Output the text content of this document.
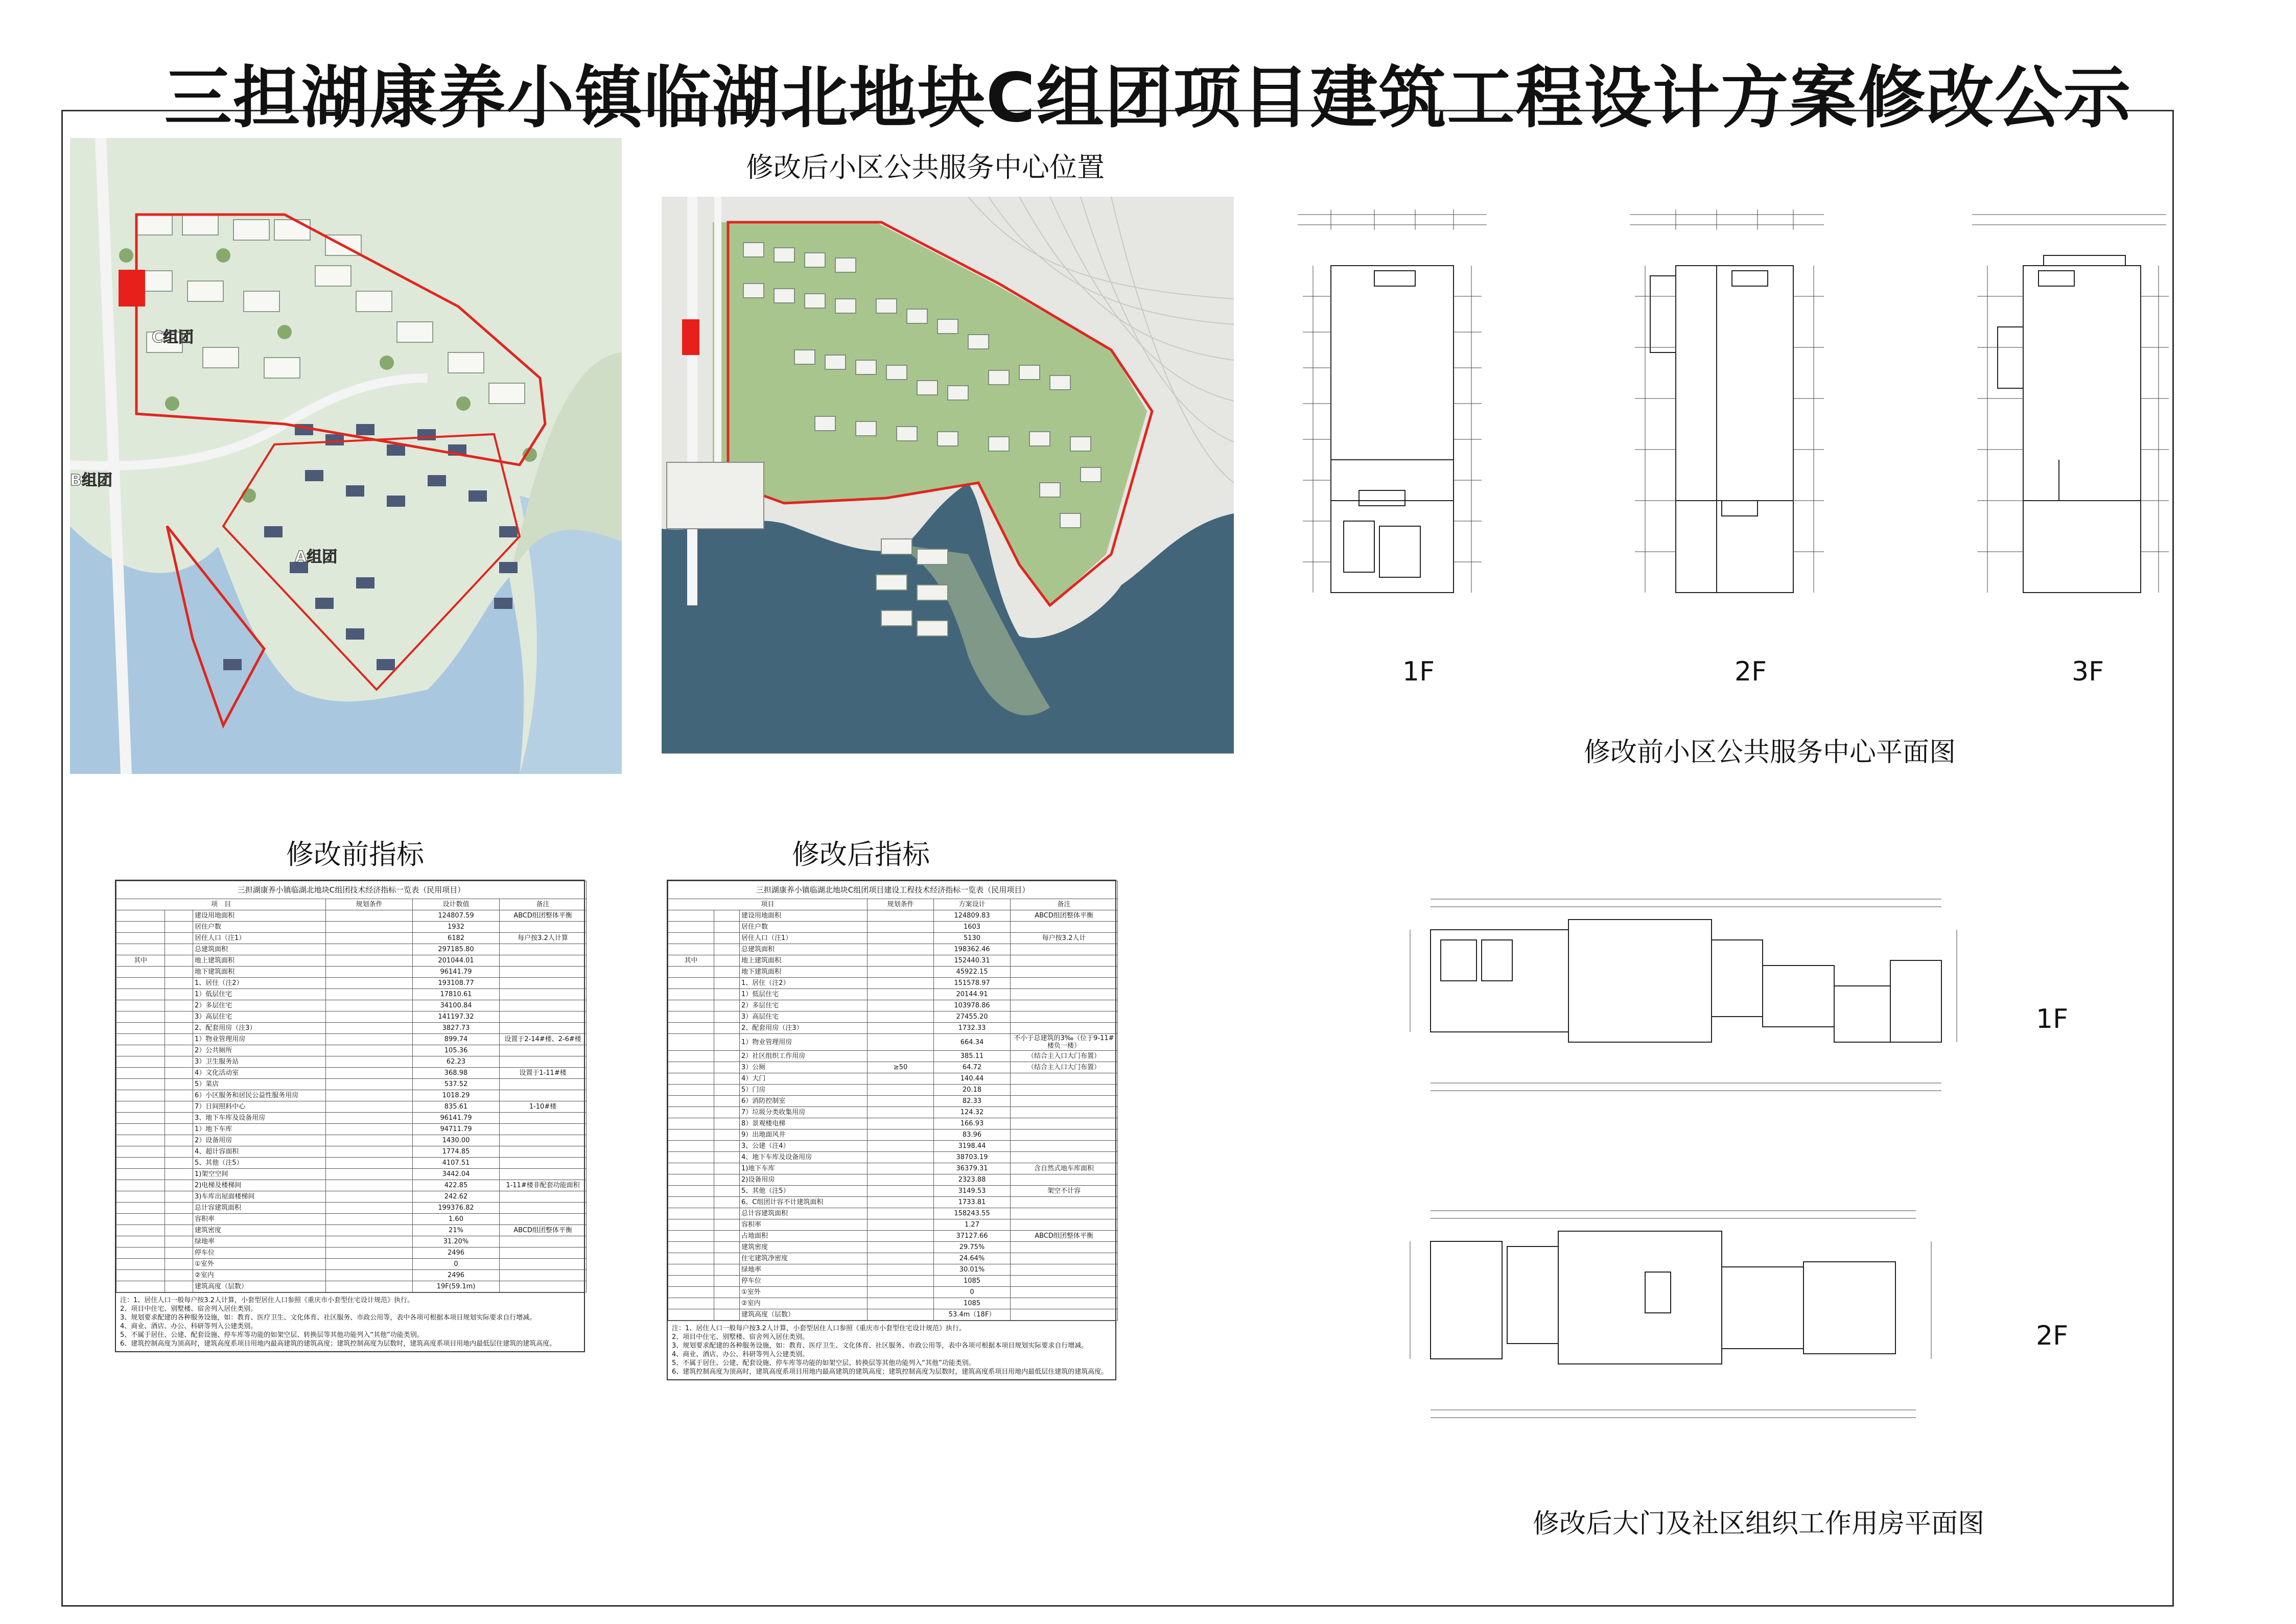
三担湖康养小镇临湖北地块C组团项目建筑工程设计方案修改公示
C组团
B组团
A组团
修改后小区公共服务中心位置
1F	2F	3F
修改前小区公共服务中心平面图
1F
2F
修改后大门及社区组织工作用房平面图
修改前指标	修改后指标
三担湖康养小镇临湖北地块C组团技术经济指标一览表（民用项目）					
项　目			规划条件	设计数值	备注
		建设用地面积		124807.59	ABCD组团整体平衡
		居住户数		1932	
		居住人口（注1）		6182	每户按3.2人计算
		总建筑面积		297185.80	
其中		地上建筑面积		201044.01	
		地下建筑面积		96141.79	
		1、居住（注2）		193108.77	
		1）低层住宅		17810.61	
		2）多层住宅		34100.84	
		3）高层住宅		141197.32	
		2、配套用房（注3）		3827.73	
		1）物业管理用房		899.74	设置于2-14#楼、2-6#楼
		2）公共厕所		105.36	
		3）卫生服务站		62.23	
		4）文化活动室		368.98	设置于1-11#楼
		5）菜店		537.52	
		6）小区服务和居民公益性服务用房		1018.29	
		7）日间照料中心		835.61	1-10#楼
		3、地下车库及设备用房		96141.79	
		1）地下车库		94711.79	
		2）设备用房		1430.00	
		4、超计容面积		1774.85	
		5、其他（注5）		4107.51	
		1)架空空间		3442.04	
		2)电梯及楼梯间		422.85	1-11#楼非配套功能面积
		3)车库出屋面楼梯间		242.62	
		总计容建筑面积		199376.82	
		容积率		1.60	
		建筑密度		21%	ABCD组团整体平衡
		绿地率		31.20%	
		停车位		2496	
		①室外		0	
		②室内		2496	
		建筑高度（层数）		19F(59.1m)	
注：1、居住人口一般每户按3.2人计算，小套型居住人口参照《重庆市小套型住宅设计规范》执行。
2、项目中住宅、别墅楼、宿舍列入居住类别。
3、规划要求配建的各种服务设施，如：教育、医疗卫生、文化体育、社区服务、市政公用等，表中各项可根据本项目规划实际要求自行增减。
4、商业、酒店、办公、科研等列入公建类别。
5、不属于居住、公建、配套设施、停车库等功能的如架空层、转换层等其他功能列入“其他”功能类别。
6、建筑控制高度为顶高时，建筑高度系项目用地内最高建筑的建筑高度；建筑控制高度为层数时，建筑高度系项目用地内最低层住建筑的建筑高度。
三担湖康养小镇临湖北地块C组团项目建设工程技术经济指标一览表（民用项目）					
项目			规划条件	方案设计	备注
		建设用地面积		124809.83	ABCD组团整体平衡
		居住户数		1603	
		居住人口（注1）		5130	每户按3.2人计
		总建筑面积		198362.46	
其中		地上建筑面积		152440.31	
		地下建筑面积		45922.15	
		1、居住（注2）		151578.97	
		1）低层住宅		20144.91	
		2）多层住宅		103978.86	
		3）高层住宅		27455.20	
		2、配套用房（注3）		1732.33	
		1）物业管理用房		664.34	不小于总建筑的3‰（位于9-11#楼负一楼）
		2）社区组织工作用房		385.11	（结合主入口大门布置）
		3）公厕	≥50	64.72	（结合主入口大门布置）
		4）大门		140.44	
		5）门房		20.18	
		6）消防控制室		82.33	
		7）垃圾分类收集用房		124.32	
		8）景观楼电梯		166.93	
		9）出地面风井		83.96	
		3、公建（注4）		3198.44	
		4、地下车库及设备用房		38703.19	
		1)地下车库		36379.31	含自然式地车库面积
		2)设备用房		2323.88	
		5、其他（注5）		3149.53	架空不计容
		6、C组团计容不计建筑面积		1733.81	
		总计容建筑面积		158243.55	
		容积率		1.27	
		占地面积		37127.66	ABCD组团整体平衡
		建筑密度		29.75%	
		住宅建筑净密度		24.64%	
		绿地率		30.01%	
		停车位		1085	
		①室外		0	
		②室内		1085	
		建筑高度（层数）		53.4m（18F）	
注：1、居住人口一般每户按3.2人计算，小套型居住人口参照《重庆市小套型住宅设计规范》执行。
2、项目中住宅、别墅楼、宿舍列入居住类别。
3、规划要求配建的各种服务设施，如：教育、医疗卫生、文化体育、社区服务、市政公用等，表中各项可根据本项目规划实际要求自行增减。
4、商业、酒店、办公、科研等列入公建类别。
5、不属于居住、公建、配套设施、停车库等功能的如架空层、转换层等其他功能列入“其他”功能类别。
6、建筑控制高度为顶高时，建筑高度系项目用地内最高建筑的建筑高度；建筑控制高度为层数时，建筑高度系项目用地内最低层住建筑的建筑高度。
